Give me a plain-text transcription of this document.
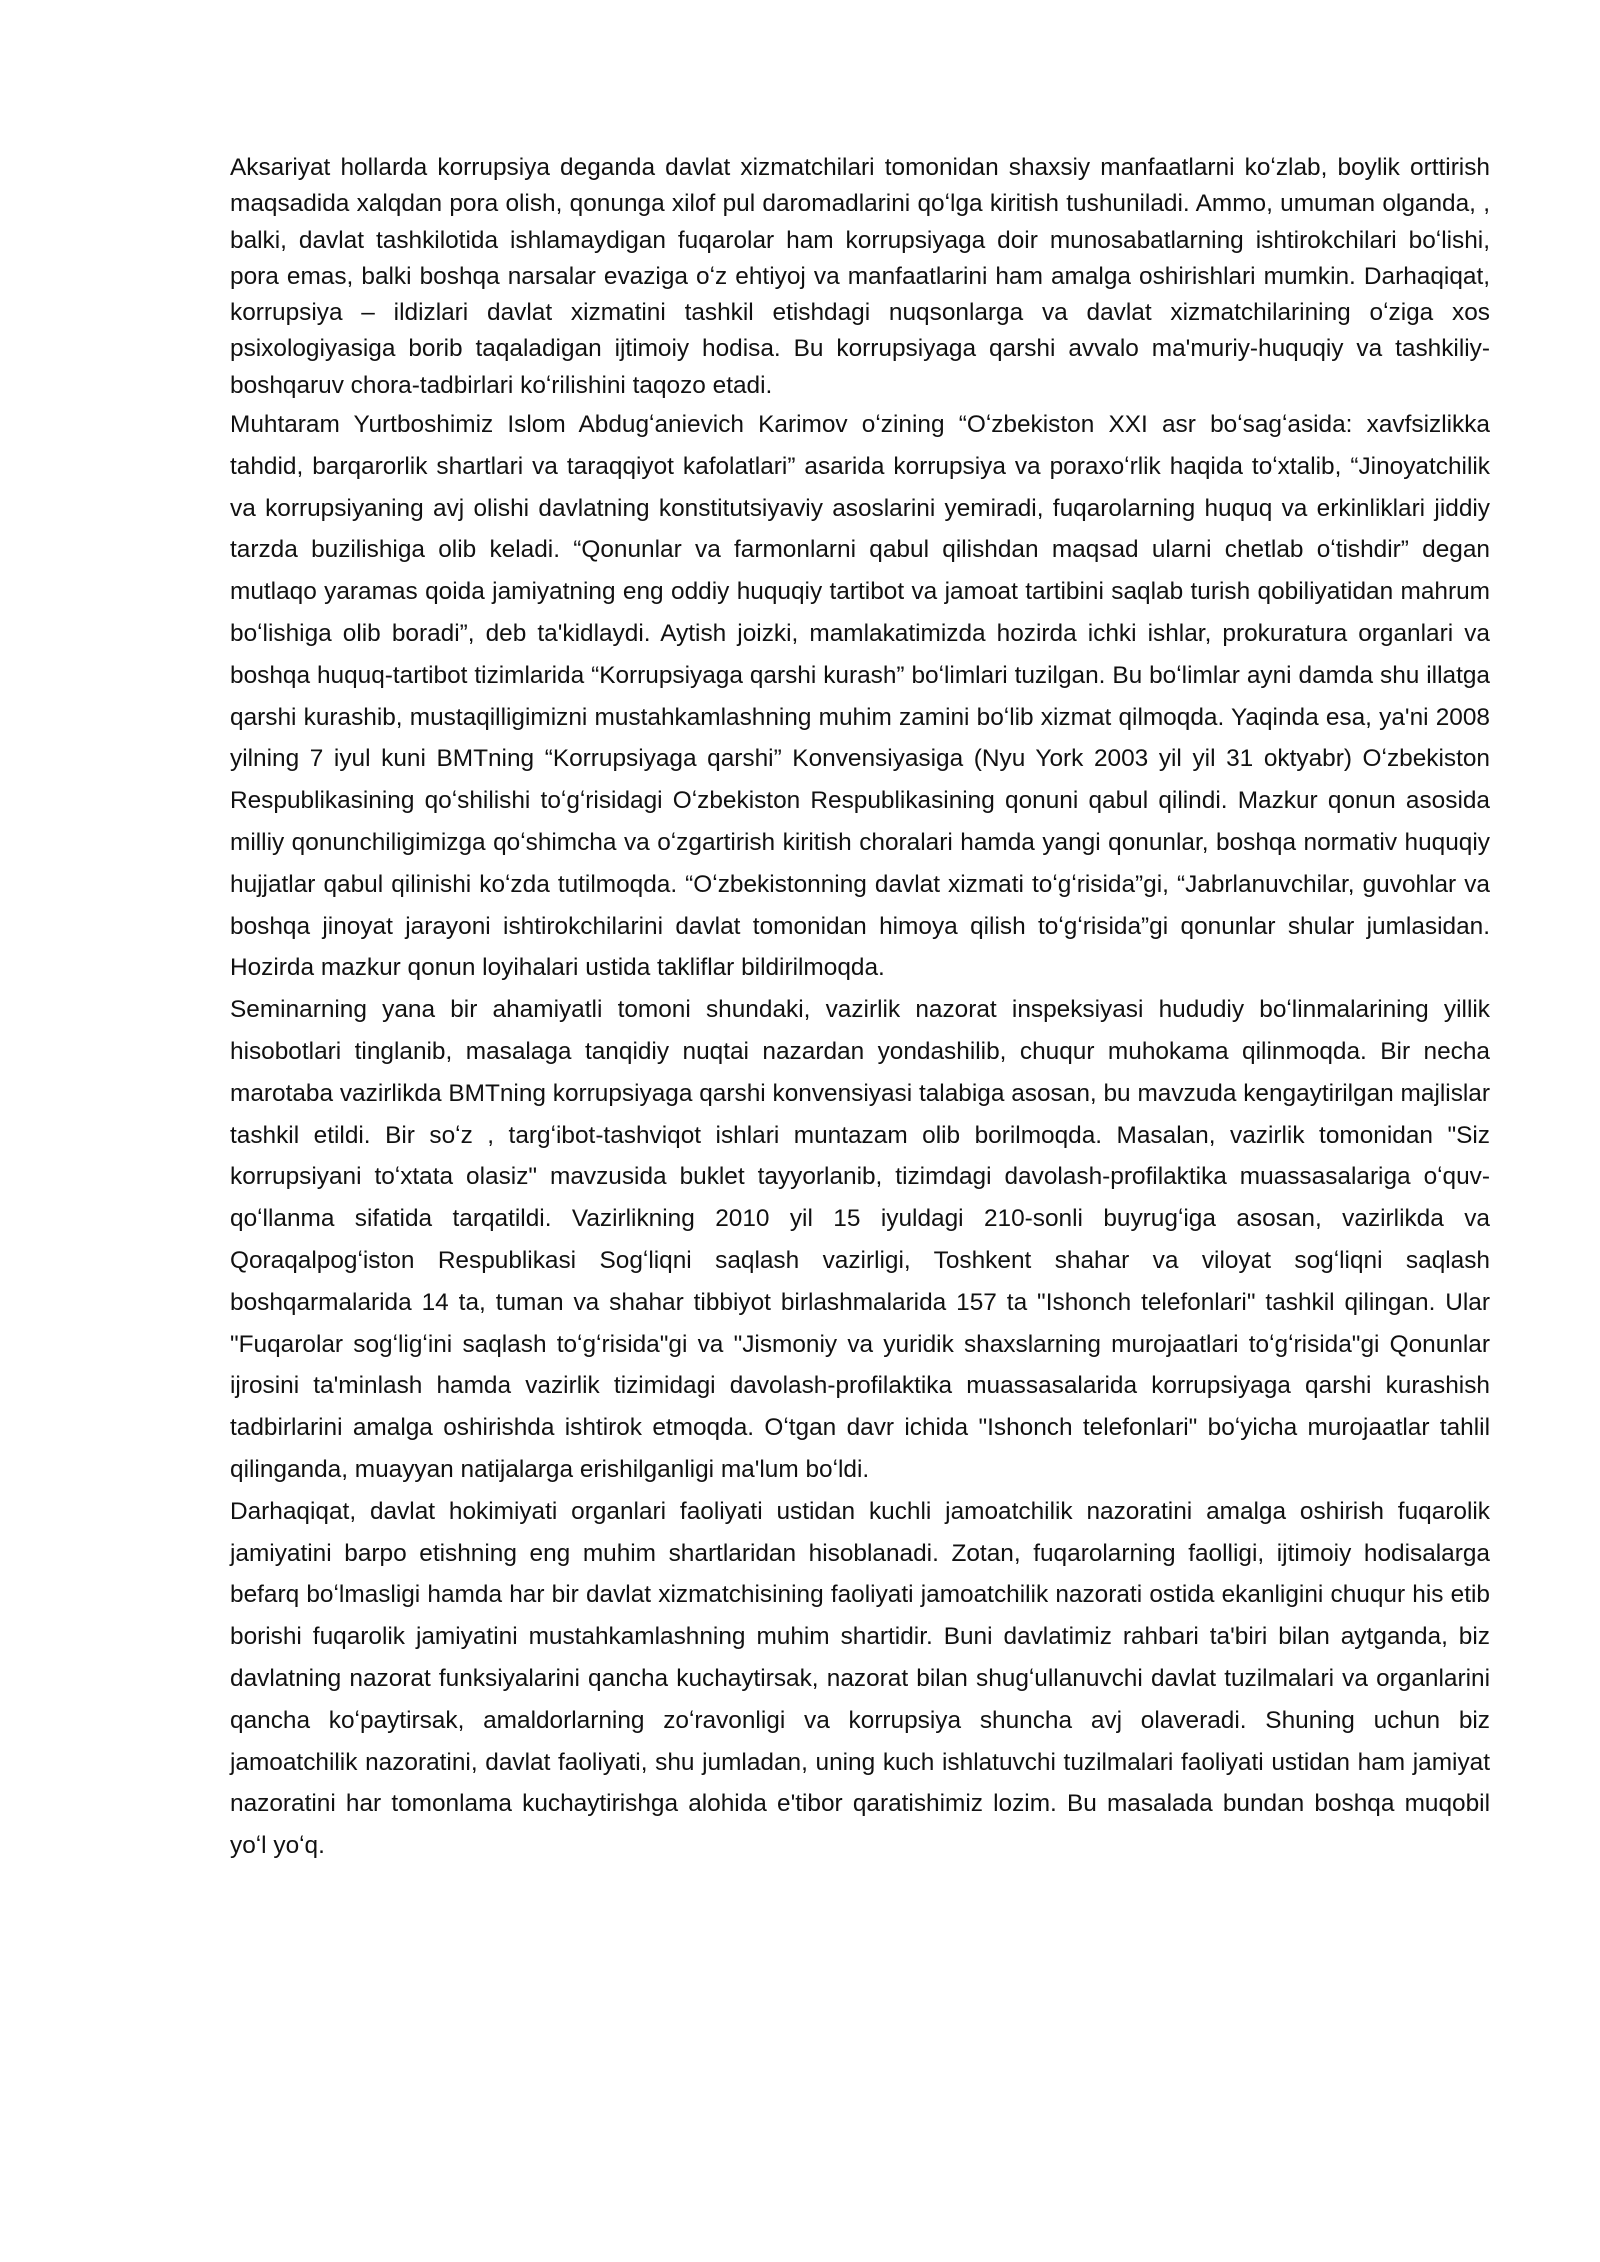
Aksariyat hollarda korrupsiya deganda davlat xizmatchilari tomonidan shaxsiy manfaatlarni koʻzlab, boylik orttirish maqsadida xalqdan pora olish, qonunga xilof pul daromadlarini qoʻlga kiritish tushuniladi. Ammo, umuman olganda, , balki, davlat tashkilotida ishlamaydigan fuqarolar ham korrupsiyaga doir munosabatlarning ishtirokchilari boʻlishi, pora emas, balki boshqa narsalar evaziga oʻz ehtiyoj va manfaatlarini ham amalga oshirishlari mumkin. Darhaqiqat, korrupsiya – ildizlari davlat xizmatini tashkil etishdagi nuqsonlarga va davlat xizmatchilarining oʻziga xos psixologiyasiga borib taqaladigan ijtimoiy hodisa. Bu korrupsiyaga qarshi avvalo ma'muriy-huquqiy va tashkiliy-boshqaruv chora-tadbirlari koʻrilishini taqozo etadi.

Muhtaram Yurtboshimiz Islom Abdugʻanievich Karimov oʻzining “Oʻzbekiston XXI asr boʻsagʻasida: xavfsizlikka tahdid, barqarorlik shartlari va taraqqiyot kafolatlari” asarida korrupsiya va poraxoʻrlik haqida toʻxtalib, “Jinoyatchilik va korrupsiyaning avj olishi davlatning konstitutsiyaviy asoslarini yemiradi, fuqarolarning huquq va erkinliklari jiddiy tarzda buzilishiga olib keladi. “Qonunlar va farmonlarni qabul qilishdan maqsad ularni chetlab oʻtishdir” degan mutlaqo yaramas qoida jamiyatning eng oddiy huquqiy tartibot va jamoat tartibini saqlab turish qobiliyatidan mahrum boʻlishiga olib boradi”, deb ta'kidlaydi. Aytish joizki, mamlakatimizda hozirda ichki ishlar, prokuratura organlari va boshqa huquq-tartibot tizimlarida “Korrupsiyaga qarshi kurash” boʻlimlari tuzilgan. Bu boʻlimlar ayni damda shu illatga qarshi kurashib, mustaqilligimizni mustahkamlashning muhim zamini boʻlib xizmat qilmoqda. Yaqinda esa, ya'ni 2008 yilning 7 iyul kuni BMTning “Korrupsiyaga qarshi” Konvensiyasiga (Nyu York 2003 yil yil 31 oktyabr) Oʻzbekiston Respublikasining qoʻshilishi toʻgʻrisidagi Oʻzbekiston Respublikasining qonuni qabul qilindi. Mazkur qonun asosida milliy qonunchiligimizga qoʻshimcha va oʻzgartirish kiritish choralari hamda yangi qonunlar, boshqa normativ huquqiy hujjatlar qabul qilinishi koʻzda tutilmoqda. “Oʻzbekistonning davlat xizmati toʻgʻrisida”gi, “Jabrlanuvchilar, guvohlar va boshqa jinoyat jarayoni ishtirokchilarini davlat tomonidan himoya qilish toʻgʻrisida”gi qonunlar shular jumlasidan. Hozirda mazkur qonun loyihalari ustida takliflar bildirilmoqda.

Seminarning yana bir ahamiyatli tomoni shundaki, vazirlik nazorat inspeksiyasi hududiy boʻlinmalarining yillik hisobotlari tinglanib, masalaga tanqidiy nuqtai nazardan yondashilib, chuqur muhokama qilinmoqda. Bir necha marotaba vazirlikda BMTning korrupsiyaga qarshi konvensiyasi talabiga asosan, bu mavzuda kengaytirilgan majlislar tashkil etildi. Bir soʻz , targʻibot-tashviqot ishlari muntazam olib borilmoqda. Masalan, vazirlik tomonidan "Siz korrupsiyani toʻxtata olasiz" mavzusida buklet tayyorlanib, tizimdagi davolash-profilaktika muassasalariga oʻquv-qoʻllanma sifatida tarqatildi. Vazirlikning 2010 yil 15 iyuldagi 210-sonli buyrugʻiga asosan, vazirlikda va Qoraqalpogʻiston Respublikasi Sogʻliqni saqlash vazirligi, Toshkent shahar va viloyat sogʻliqni saqlash boshqarmalarida 14 ta, tuman va shahar tibbiyot birlashmalarida 157 ta "Ishonch telefonlari" tashkil qilingan. Ular "Fuqarolar sogʻligʻini saqlash toʻgʻrisida"gi va "Jismoniy va yuridik shaxslarning murojaatlari toʻgʻrisida"gi Qonunlar ijrosini ta'minlash hamda vazirlik tizimidagi davolash-profilaktika muassasalarida korrupsiyaga qarshi kurashish tadbirlarini amalga oshirishda ishtirok etmoqda. Oʻtgan davr ichida "Ishonch telefonlari" boʻyicha murojaatlar tahlil qilinganda, muayyan natijalarga erishilganligi ma'lum boʻldi.

Darhaqiqat, davlat hokimiyati organlari faoliyati ustidan kuchli jamoatchilik nazoratini amalga oshirish fuqarolik jamiyatini barpo etishning eng muhim shartlaridan hisoblanadi. Zotan, fuqarolarning faolligi, ijtimoiy hodisalarga befarq boʻlmasligi hamda har bir davlat xizmatchisining faoliyati jamoatchilik nazorati ostida ekanligini chuqur his etib borishi fuqarolik jamiyatini mustahkamlashning muhim shartidir. Buni davlatimiz rahbari ta'biri bilan aytganda, biz davlatning nazorat funksiyalarini qancha kuchaytirsak, nazorat bilan shugʻullanuvchi davlat tuzilmalari va organlarini qancha koʻpaytirsak, amaldorlarning zoʻravonligi va korrupsiya shuncha avj olaveradi. Shuning uchun biz jamoatchilik nazoratini, davlat faoliyati, shu jumladan, uning kuch ishlatuvchi tuzilmalari faoliyati ustidan ham jamiyat nazoratini har tomonlama kuchaytirishga alohida e'tibor qaratishimiz lozim. Bu masalada bundan boshqa muqobil yoʻl yoʻq.
